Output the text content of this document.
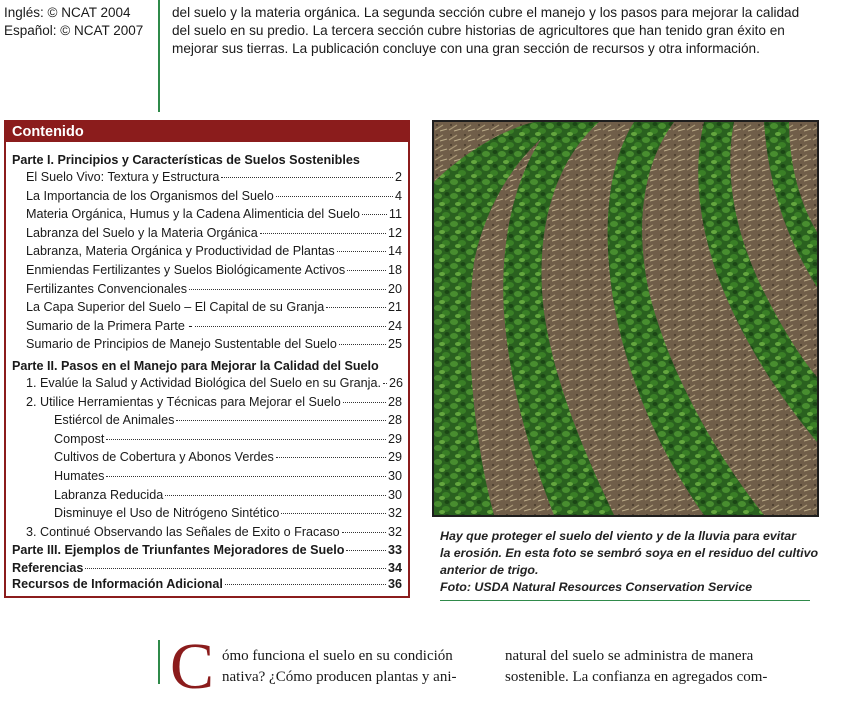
Inglés: © NCAT 2004
Español: © NCAT 2007
del suelo y la materia orgánica. La segunda sección cubre el manejo y los pasos para mejorar la calidad
del suelo en su predio. La tercera sección cubre historias de agricultores que han tenido gran éxito en
mejorar sus tierras. La publicación concluye con una gran sección de recursos y otra información.
Contenido
Parte I. Principios y Características de Suelos Sostenibles
El Suelo Vivo: Textura y Estructura	2
La Importancia de los Organismos del Suelo	4
Materia Orgánica, Humus y la Cadena Alimenticia del Suelo 11
Labranza del Suelo y la Materia Orgánica	12
Labranza, Materia Orgánica y Productividad de Plantas	14
Enmiendas Fertilizantes y Suelos Biológicamente Activos	18
Fertilizantes Convencionales	20
La Capa Superior del Suelo – El Capital de su Granja	21
Sumario de la Primera Parte -	24
Sumario de Principios de Manejo Sustentable del Suelo	25
Parte II. Pasos en el Manejo para Mejorar la Calidad del Suelo
1. Evalúe la Salud y Actividad Biológica del Suelo en su Granja. 26
2. Utilice Herramientas y Técnicas para Mejorar el Suelo	28
Estiércol de Animales	28
Compost	29
Cultivos de Cobertura y Abonos Verdes	29
Humates	30
Labranza Reducida	30
Disminuye el Uso de Nitrógeno Sintético	32
3. Continué Observando las Señales de Exito o Fracaso	32
Parte III. Ejemplos de Triunfantes Mejoradores de Suelo	33
Referencias	34
Recursos de Información Adicional	36
Hay que proteger el suelo del viento y de la lluvia para evitar
la erosión. En esta foto se sembró soya en el residuo del cultivo
anterior de trigo.
Foto: USDA Natural Resources Conservation Service
C ómo funciona el suelo en su condición
nativa? ¿Cómo producen plantas y ani-
natural del suelo se administra de manera
sostenible. La confianza en agregados com-
